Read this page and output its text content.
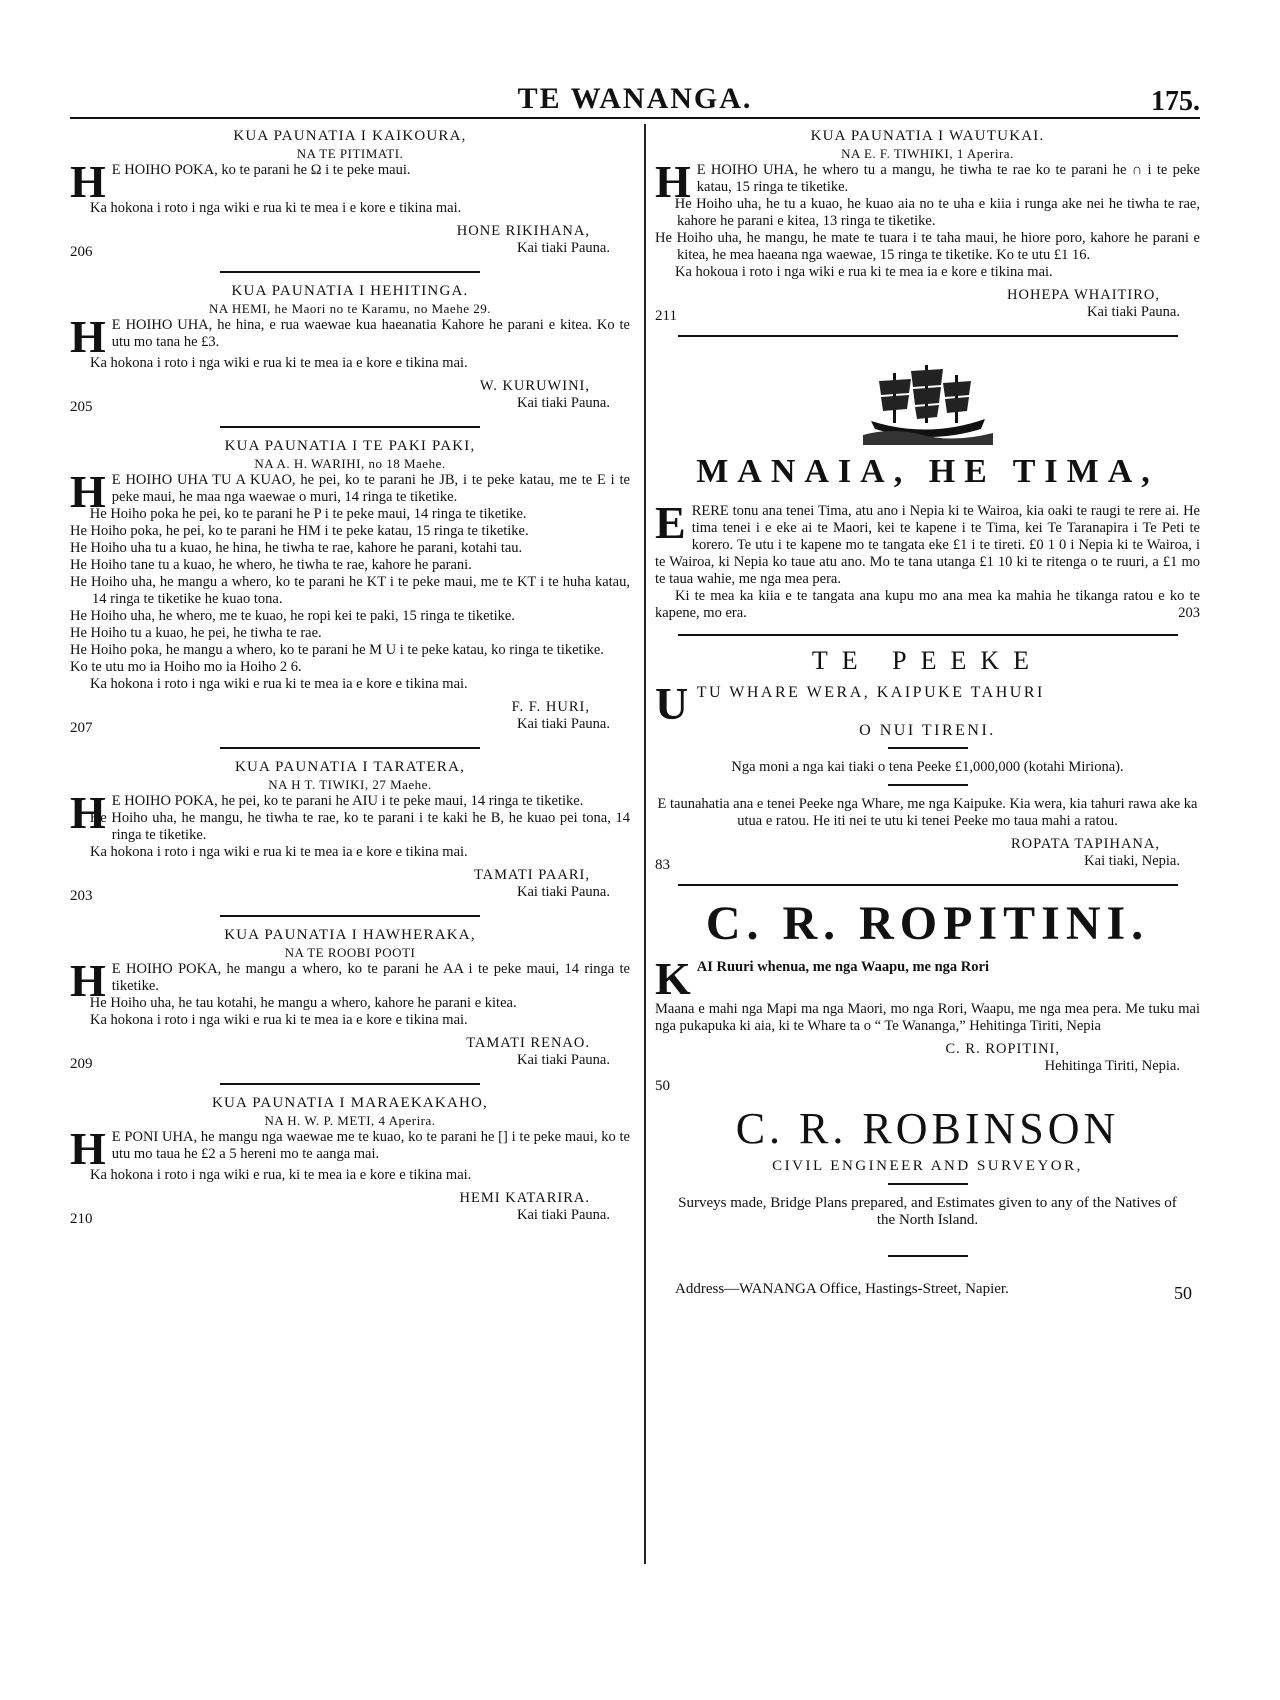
TE WANANGA.	175.
KUA PAUNATIA I KAIKOURA,
NA TE PITIMATI.
H E HOIHO POKA, ko te parani he Ω i te peke maui.

Ka hokona i roto i nga wiki e rua ki te mea i e kore e tikina mai.

206
HONE RIKIHANA,
Kai tiaki Pauna.
KUA PAUNATIA I HEHITINGA.
NA HEMI, he Maori no te Karamu, no Maehe 29.
H E HOIHO UHA, he hina, e rua waewae kua haeanatia Kahore he parani e kitea. Ko te utu mo tana he £3.

Ka hokona i roto i nga wiki e rua ki te mea ia e kore e tikina mai.

205
W. KURUWINI,
Kai tiaki Pauna.
KUA PAUNATIA I TE PAKI PAKI,
NA A. H. WARIHI, no 18 Maehe.
H E HOIHO UHA TU A KUAO, he pei, ko te parani he JB, i te peke katau, me te E i te peke maui, he maa nga waewae o muri, 14 ringa te tiketike.

He Hoiho poka he pei, ko te parani he P i te peke maui, 14 ringa te tiketike.

He Hoiho poka, he pei, ko te parani he HM i te peke katau, 15 ringa te tiketike.

He Hoiho uha tu a kuao, he hina, he tiwha te rae, kahore he parani, kotahi tau.

He Hoiho tane tu a kuao, he whero, he tiwha te rae, kahore he parani.

He Hoiho uha, he mangu a whero, ko te parani he KT i te peke maui, me te KT i te huha katau, 14 ringa te tiketike he kuao tona.

He Hoiho uha, he whero, me te kuao, he ropi kei te paki, 15 ringa te tiketike.

He Hoiho tu a kuao, he pei, he tiwha te rae.

He Hoiho poka, he mangu a whero, ko te parani he M U i te peke katau, ko ringa te tiketike.

Ko te utu mo ia Hoiho mo ia Hoiho 2 6.

Ka hokona i roto i nga wiki e rua ki te mea ia e kore e tikina mai.

207
F. F. HURI,
Kai tiaki Pauna.
KUA PAUNATIA I TARATERA,
NA H T. TIWIKI, 27 Maehe.
H E HOIHO POKA, he pei, ko te parani he AIU i te peke maui, 14 ringa te tiketike.

He Hoiho uha, he mangu, he tiwha te rae, ko te parani i te kaki he B, he kuao pei tona, 14 ringa te tiketike.

Ka hokona i roto i nga wiki e rua ki te mea ia e kore e tikina mai.

203
TAMATI PAARI,
Kai tiaki Pauna.
KUA PAUNATIA I HAWHERAKA,
NA TE ROOBI POOTI
H E HOIHO POKA, he mangu a whero, ko te parani he AA i te peke maui, 14 ringa te tiketike.

He Hoiho uha, he tau kotahi, he mangu a whero, kahore he parani e kitea.

Ka hokona i roto i nga wiki e rua ki te mea ia e kore e tikina mai.

209
TAMATI RENAO.
Kai tiaki Pauna.
KUA PAUNATIA I MARAEKAKAHO,
NA H. W. P. METI, 4 Aperira.
H E PONI UHA, he mangu nga waewae me te kuao, ko te parani he [] i te peke maui, ko te utu mo taua he £2 a 5 hereni mo te aanga mai.

Ka hokona i roto i nga wiki e rua, ki te mea ia e kore e tikina mai.

210
HEMI KATARIRA.
Kai tiaki Pauna.
KUA PAUNATIA I WAUTUKAI.
NA E. F. TIWHIKI, 1 Aperira.
H E HOIHO UHA, he whero tu a mangu, he tiwha te rae ko te parani he ∩ i te peke katau, 15 ringa te tiketike.

He Hoiho uha, he tu a kuao, he kuao aia no te uha e kiia i runga ake nei he tiwha te rae, kahore he parani e kitea, 13 ringa te tiketike.

He Hoiho uha, he mangu, he mate te tuara i te taha maui, he hiore poro, kahore he parani e kitea, he mea haeana nga waewae, 15 ringa te tiketike. Ko te utu £1 16.

Ka hokoua i roto i nga wiki e rua ki te mea ia e kore e tikina mai.

211
HOHEPA WHAITIRO,
Kai tiaki Pauna.
MANAIA, HE TIMA,
E RERE tonu ana tenei Tima, atu ano i Nepia ki te Wairoa, kia oaki te raugi te rere ai. He tima tenei i e eke ai te Maori, kei te kapene i te Tima, kei Te Taranapira i Te Peti te korero. Te utu i te kapene mo te tangata eke £1 i te tireti. £0 1 0 i Nepia ki te Wairoa, i te Wairoa, ki Nepia ko taue atu ano. Mo te tana utanga £1 10 ki te ritenga o te ruuri, a £1 mo te taua wahie, me nga mea pera.

Ki te mea ka kiia e te tangata ana kupu mo ana mea ka mahia he tikanga ratou e ko te kapene, mo era.	203

TE PEEKE
UTU WHARE WERA, KAIPUKE TAHURI
O NUI TIRENI.
Nga moni a nga kai tiaki o tena Peeke £1,000,000 (kotahi Miriona).
E taunahatia ana e tenei Peeke nga Whare, me nga Kaipuke. Kia wera, kia tahuri rawa ake ka utua e ratou. He iti nei te utu ki tenei Peeke mo taua mahi a ratou.
83
ROPATA TAPIHANA,
Kai tiaki, Nepia.
C. R. ROPITINI.
KAI Ruuri whenua, me nga Waapu, me nga Rori
Maana e mahi nga Mapi ma nga Maori, mo nga Rori, Waapu, me nga mea pera. Me tuku mai nga pukapuka ki aia, ki te Whare ta o “ Te Wananga,” Hehitinga Tiriti, Nepia
C. R. ROPITINI,
Hehitinga Tiriti, Nepia.
50
C. R. ROBINSON
CIVIL ENGINEER AND SURVEYOR,
Surveys made, Bridge Plans prepared, and Estimates given to any of the Natives of the North Island.
Address—WANANGA Office, Hastings-Street, Napier.	50
